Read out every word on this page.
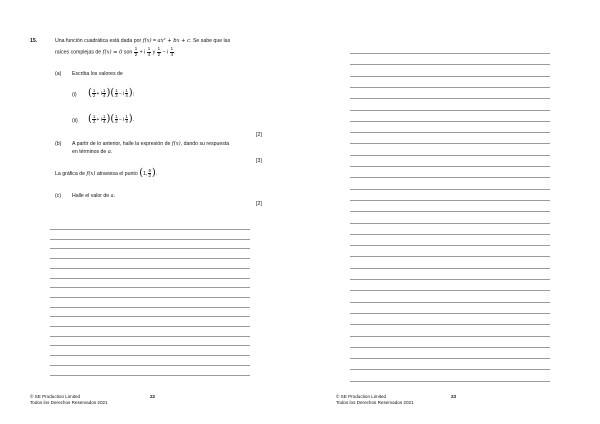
15.	Una función cuadrática está dada por f(x) = ax² + bx + c. Se sabe que las
raíces complejas de f(x) = 0 son $\frac{1}{2} + i \frac{1}{4}$ y $\frac{1}{2} - i \frac{1}{4}$ .
(a) Escriba los valores de
(i) ( $\frac{1}{2} + i \frac{1}{4}$ )( $\frac{1}{2} - i \frac{1}{4}$ );
(ii) ( $\frac{1}{2} + i \frac{1}{4}$ )( $\frac{1}{2} - i \frac{1}{4}$ ).
[2]
(b) A partir de lo anterior, halle la expresión de f(x), dando su respuesta
en términos de a.
[3]
La gráfica de f(x) atraviesa el punto (1, $\frac{9}{2}$ ).
(c) Halle el valor de a.
[2]
© SE Production Limited
Todos los Derechos Reservados 2021
22	© SE Production Limited
Todos los Derechos Reservados 2021
23
